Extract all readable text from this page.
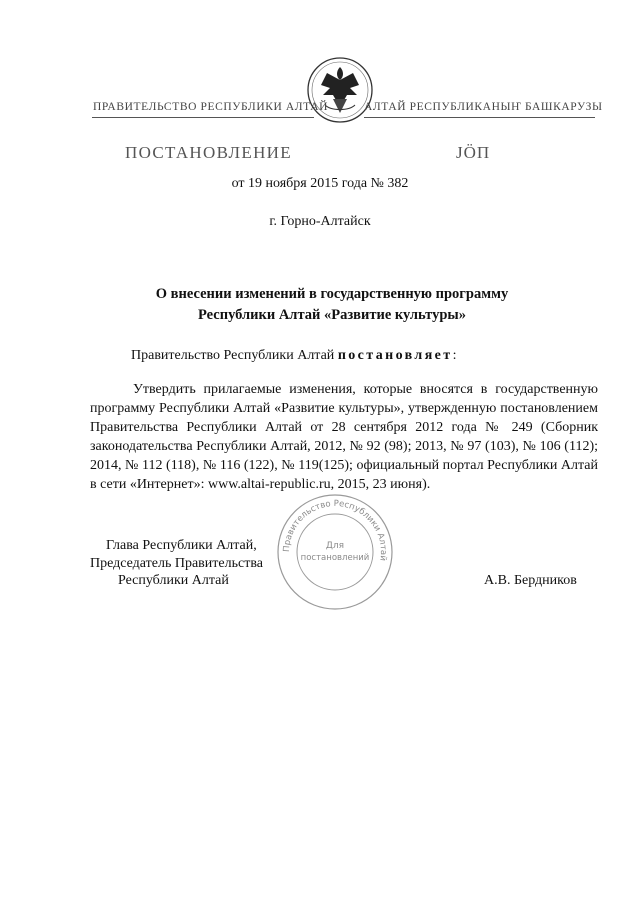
ПРАВИТЕЛЬСТВО РЕСПУБЛИКИ АЛТАЙ	АЛТАЙ РЕСПУБЛИКАНЫҤ БАШКАРУЗЫ
ПОСТАНОВЛЕНИЕ	ЈӦП
от 19 ноября 2015 года № 382
г. Горно-Алтайск
О внесении изменений в государственную программу
Республики Алтай «Развитие культуры»
Правительство Республики Алтай постановляет:

Утвердить прилагаемые изменения, которые вносятся в государственную программу Республики Алтай «Развитие культуры», утвержденную постановлением Правительства Республики Алтай от 28 сентября 2012 года № 249 (Сборник законодательства Республики Алтай, 2012, № 92 (98); 2013, № 97 (103), № 106 (112); 2014, № 112 (118), № 116 (122), № 119(125); официальный портал Республики Алтай в сети «Интернет»: www.altai-republic.ru, 2015, 23 июня).

Правительство Республики Алтай
Для
постановлений
Глава Республики Алтай,
Председатель Правительства
Республики Алтай	А.В. Бердников
